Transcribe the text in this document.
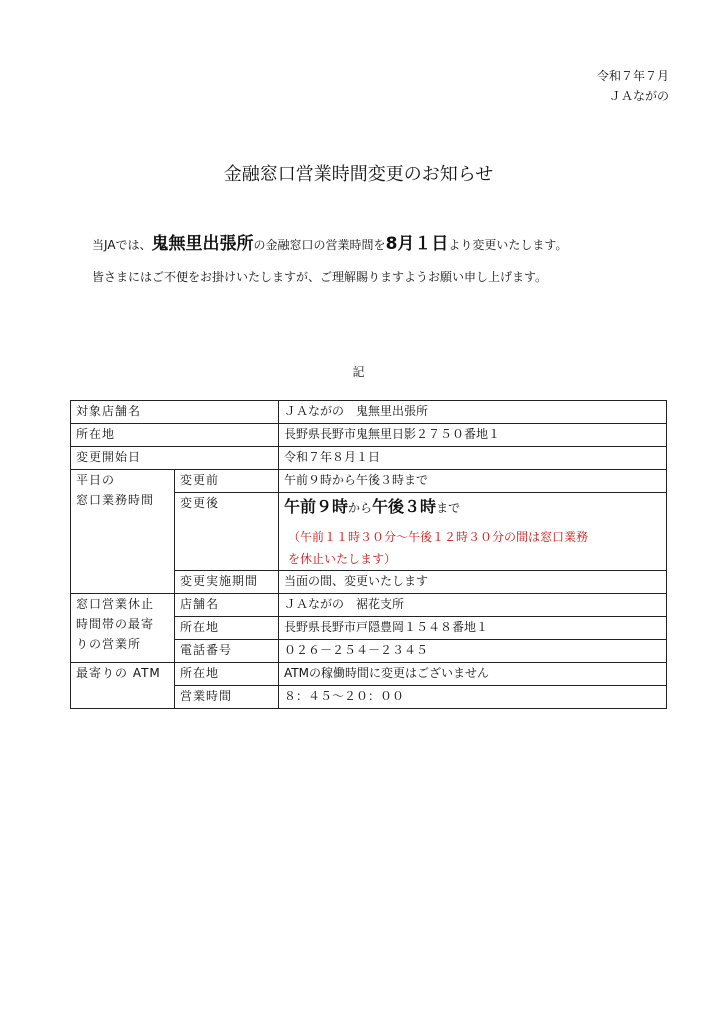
令和７年７月
ＪＡながの
金融窓口営業時間変更のお知らせ
当JAでは、鬼無里出張所の金融窓口の営業時間を8月１日より変更いたします。
皆さまにはご不便をお掛けいたしますが、ご理解賜りますようお願い申し上げます。
記
対象店舗名		ＪＡながの　鬼無里出張所
所在地		長野県長野市鬼無里日影２７５０番地１
変更開始日		令和７年８月１日

平日の
窓口業務時間	変更前	午前９時から午後３時まで
	変更後	午前９時から午後３時まで
（午前１１時３０分～午後１２時３０分の間は窓口業務
を休止いたします）

	変更実施期間	当面の間、変更いたします

窓口営業休止
時間帯の最寄
りの営業所	店舗名	ＪＡながの　裾花支所
	所在地	長野県長野市戸隠豊岡１５４８番地１
	電話番号	０２６－２５４－２３４５
最寄りの ATM	所在地	ATMの稼働時間に変更はございません
	営業時間	８：４５～２０：００
